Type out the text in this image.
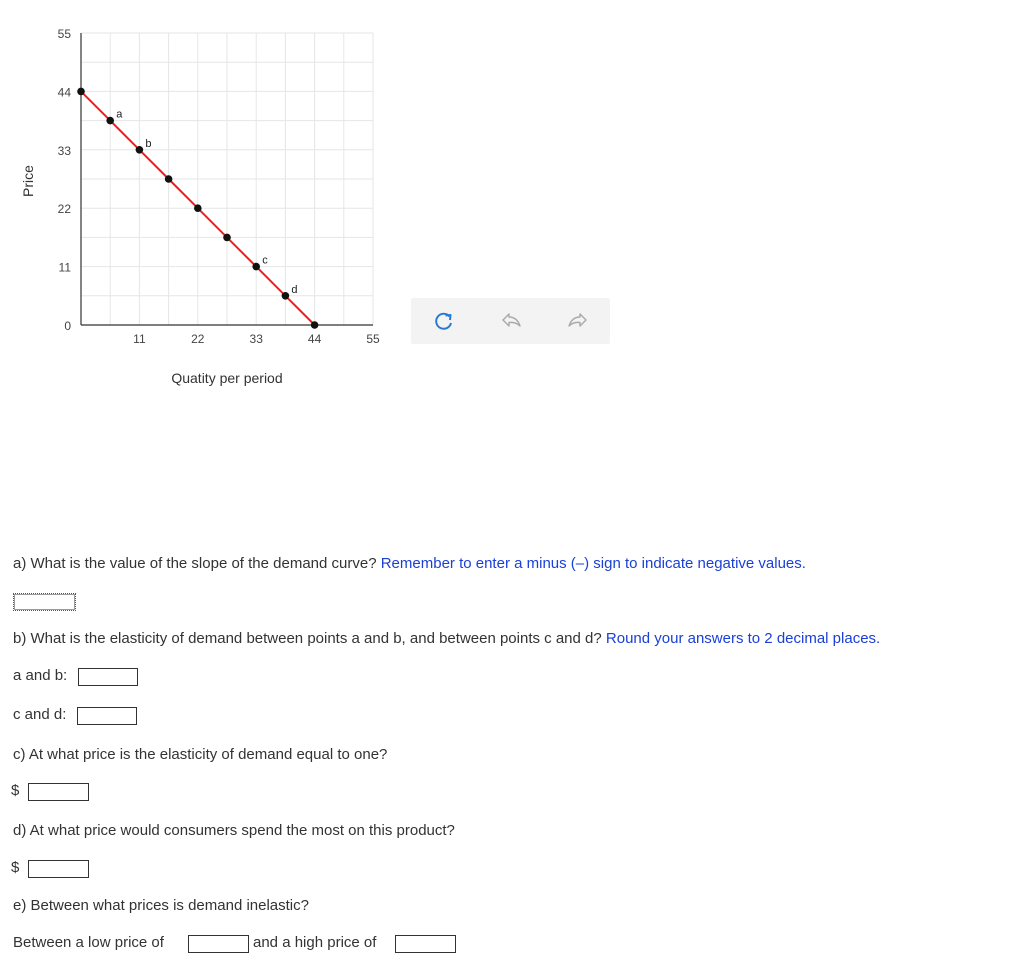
0
11
22
33
44
55
11	22	33	44	55
a
b
c
d
Price
Quatity per period
a) What is the value of the slope of the demand curve? Remember to enter a minus (–) sign to indicate negative values.
b) What is the elasticity of demand between points a and b, and between points c and d? Round your answers to 2 decimal places.
a and b:
c and d:
c) At what price is the elasticity of demand equal to one?
$
d) At what price would consumers spend the most on this product?
$
e) Between what prices is demand inelastic?
Between a low price of	and a high price of
